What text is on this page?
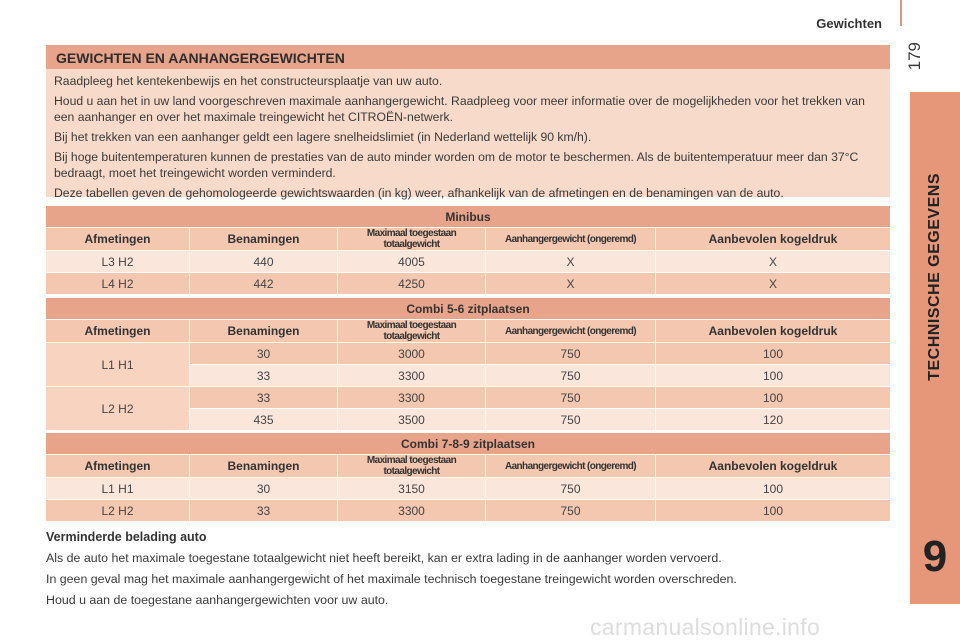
Gewichten
179
TECHNISCHE GEGEVENS
9
GEWICHTEN EN AANHANGERGEWICHTEN

Raadpleeg het kentekenbewijs en het constructeursplaatje van uw auto.

Houd u aan het in uw land voorgeschreven maximale aanhangergewicht. Raadpleeg voor meer informatie over de mogelijkheden voor het trekken van een aanhanger en over het maximale treingewicht het CITROËN-netwerk.

Bij het trekken van een aanhanger geldt een lagere snelheidslimiet (in Nederland wettelijk 90 km/h).

Bij hoge buitentemperaturen kunnen de prestaties van de auto minder worden om de motor te beschermen. Als de buitentemperatuur meer dan 37°C bedraagt, moet het treingewicht worden verminderd.

Deze tabellen geven de gehomologeerde gewichtswaarden (in kg) weer, afhankelijk van de afmetingen en de benamingen van de auto.

Minibus				
Afmetingen	Benamingen	Maximaal toegestaan totaalgewicht	Aanhangergewicht (ongeremd)	Aanbevolen kogeldruk
L3 H2	440	4005	X	X
L4 H2	442	4250	X	X
Combi 5-6 zitplaatsen				
Afmetingen	Benamingen	Maximaal toegestaan totaalgewicht	Aanhangergewicht (ongeremd)	Aanbevolen kogeldruk
L1 H1	30	3000	750	100
	33	3300	750	100
L2 H2	33	3300	750	100
	435	3500	750	120
Combi 7-8-9 zitplaatsen				
Afmetingen	Benamingen	Maximaal toegestaan totaalgewicht	Aanhangergewicht (ongeremd)	Aanbevolen kogeldruk
L1 H1	30	3150	750	100
L2 H2	33	3300	750	100

Verminderde belading auto

Als de auto het maximale toegestane totaalgewicht niet heeft bereikt, kan er extra lading in de aanhanger worden vervoerd.

In geen geval mag het maximale aanhangergewicht of het maximale technisch toegestane treingewicht worden overschreden.

Houd u aan de toegestane aanhangergewichten voor uw auto.

carmanualsonline.info
